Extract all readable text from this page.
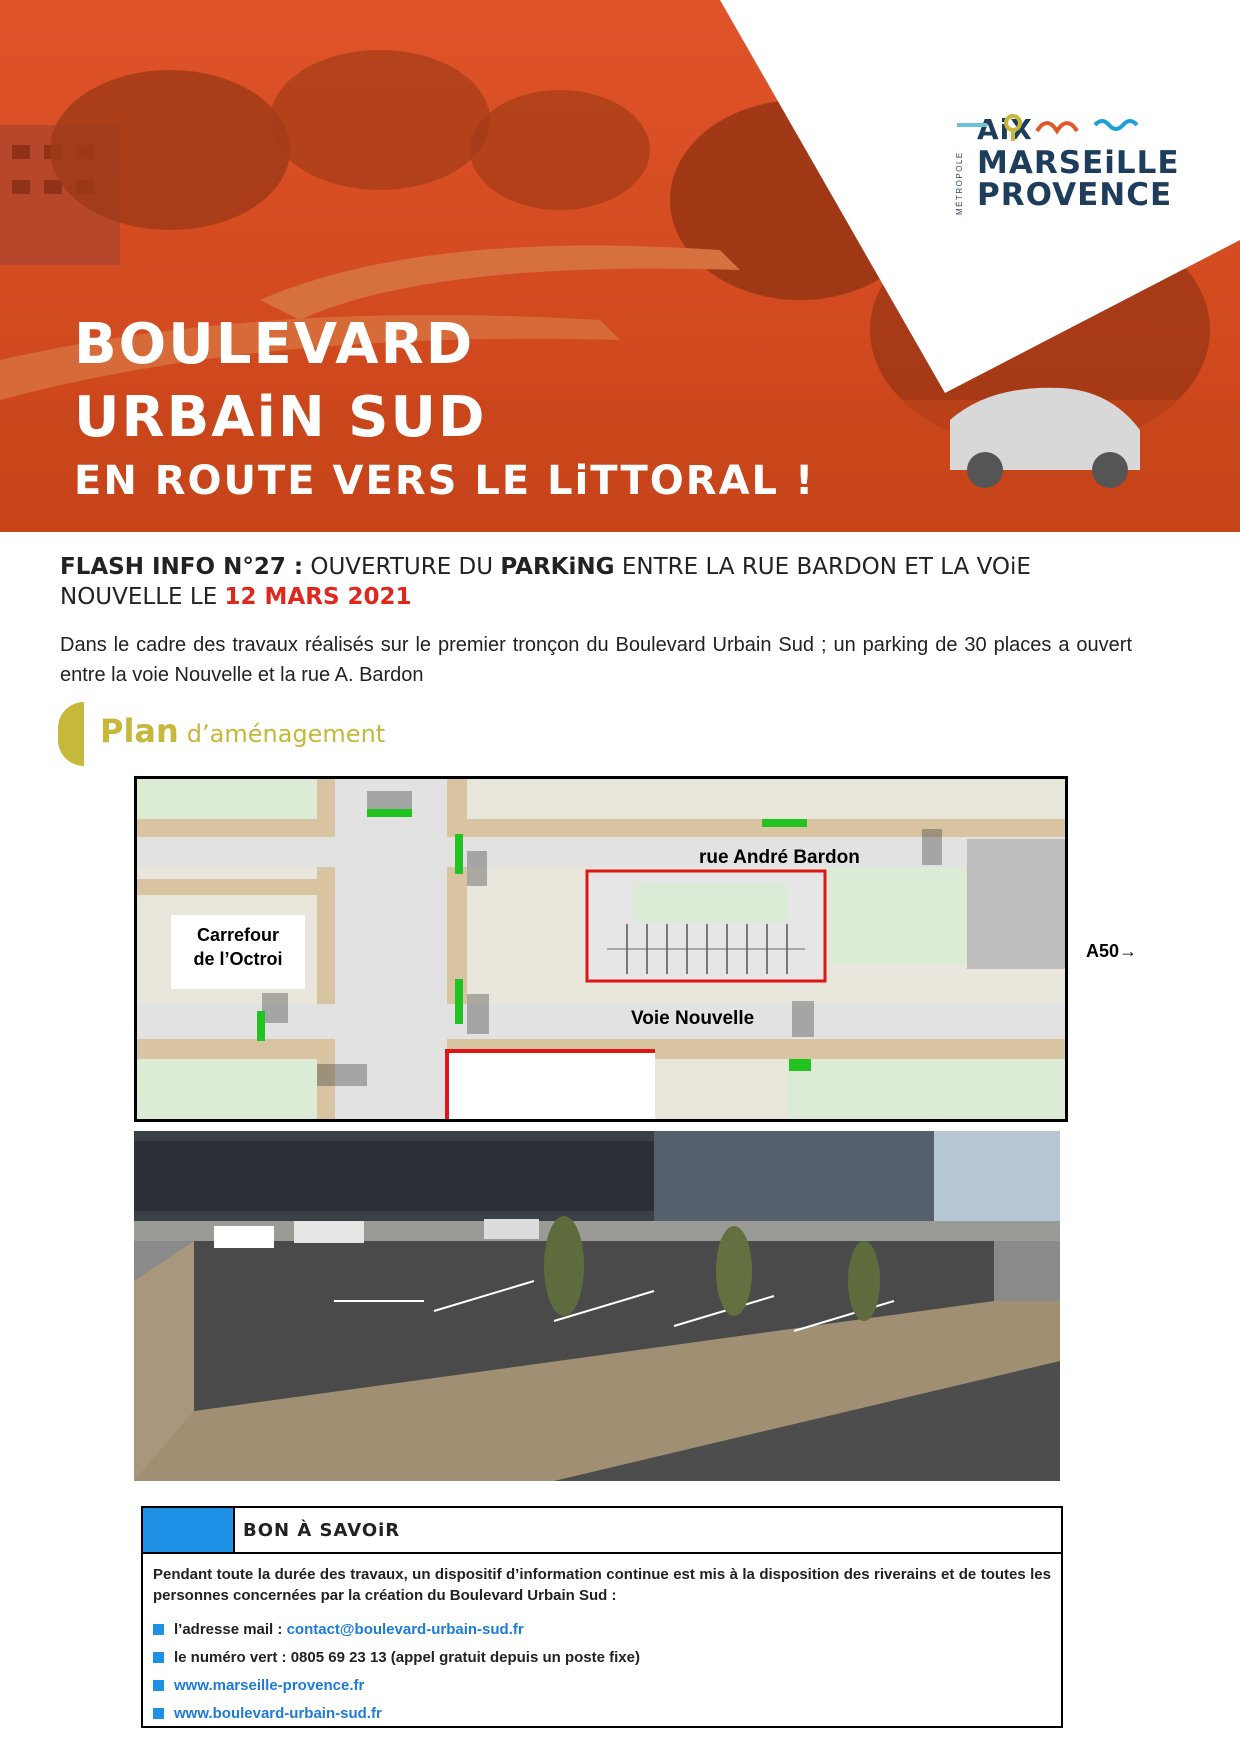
BOULEVARD

URBAiN SUD

EN ROUTE VERS LE LiTTORAL !

MÉTROPOLE
AiX
MARSEiLLE
PROVENCE

FLASH INFO N°27 : OUVERTURE DU PARKiNG ENTRE LA RUE BARDON ET LA VOiE NOUVELLE LE 12 MARS 2021

Dans le cadre des travaux réalisés sur le premier tronçon du Boulevard Urbain Sud ; un parking de 30 places a ouvert entre la voie Nouvelle et la rue A. Bardon

Plan d’aménagement

rue André Bardon

Voie Nouvelle

Carrefour
de l’Octroi	A50→

BON À SAVOiR

Pendant toute la durée des travaux, un dispositif d’information continue est mis à la disposition des riverains et de toutes les personnes concernées par la création du Boulevard Urbain Sud :

l’adresse mail : contact@boulevard-urbain-sud.fr
le numéro vert : 0805 69 23 13 (appel gratuit depuis un poste fixe)
www.marseille-provence.fr
www.boulevard-urbain-sud.fr
